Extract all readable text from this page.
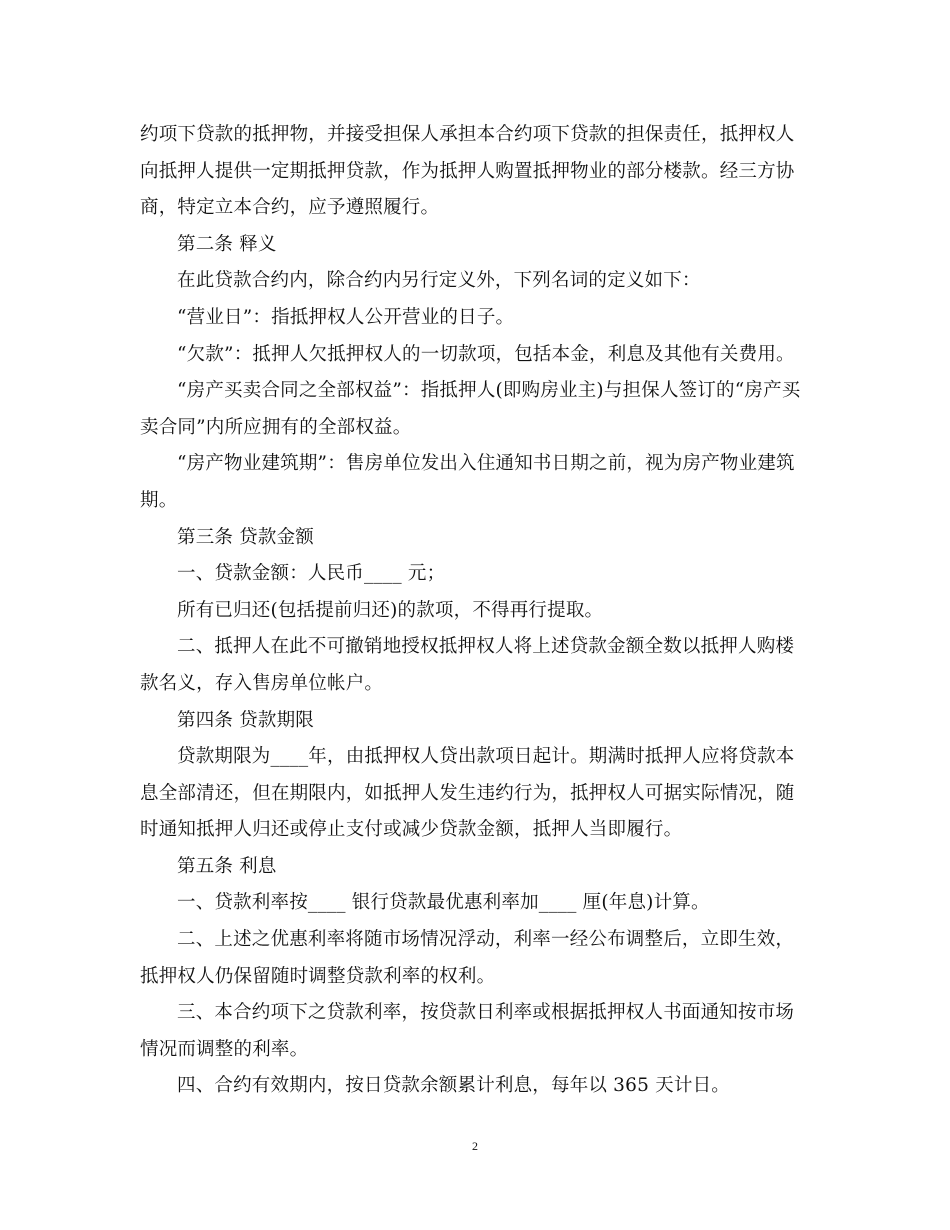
约项下贷款的抵押物，并接受担保人承担本合约项下贷款的担保责任，抵押权人
向抵押人提供一定期抵押贷款，作为抵押人购置抵押物业的部分楼款。经三方协
商，特定立本合约，应予遵照履行。
第二条 释义
在此贷款合约内，除合约内另行定义外，下列名词的定义如下：
“营业日”：指抵押权人公开营业的日子。
“欠款”：抵押人欠抵押权人的一切款项，包括本金，利息及其他有关费用。
“房产买卖合同之全部权益”：指抵押人(即购房业主)与担保人签订的“房产买
卖合同”内所应拥有的全部权益。
“房产物业建筑期”：售房单位发出入住通知书日期之前，视为房产物业建筑
期。
第三条 贷款金额
一、贷款金额：人民币____ 元；
所有已归还(包括提前归还)的款项，不得再行提取。
二、抵押人在此不可撤销地授权抵押权人将上述贷款金额全数以抵押人购楼
款名义，存入售房单位帐户。
第四条 贷款期限
贷款期限为____年，由抵押权人贷出款项日起计。期满时抵押人应将贷款本
息全部清还，但在期限内，如抵押人发生违约行为，抵押权人可据实际情况，随
时通知抵押人归还或停止支付或减少贷款金额，抵押人当即履行。
第五条 利息
一、贷款利率按____ 银行贷款最优惠利率加____ 厘(年息)计算。
二、上述之优惠利率将随市场情况浮动，利率一经公布调整后，立即生效，
抵押权人仍保留随时调整贷款利率的权利。
三、本合约项下之贷款利率，按贷款日利率或根据抵押权人书面通知按市场
情况而调整的利率。
四、合约有效期内，按日贷款余额累计利息，每年以 365 天计日。
2
